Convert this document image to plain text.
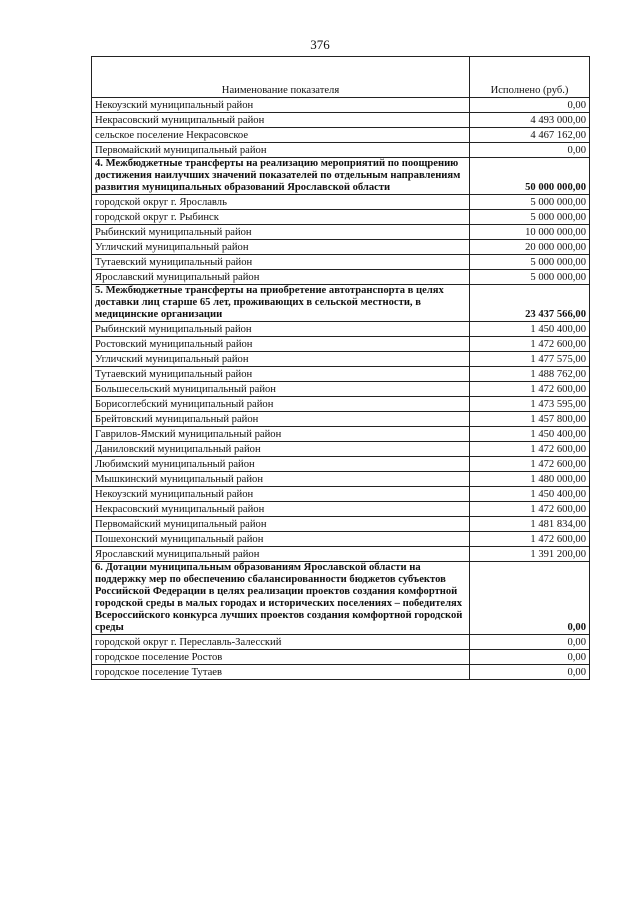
376
Наименование показателя	Исполнено (руб.)
Некоузский муниципальный район	0,00
Некрасовский муниципальный район	4 493 000,00
сельское поселение Некрасовское	4 467 162,00
Первомайский муниципальный район	0,00
4. Межбюджетные трансферты на реализацию мероприятий по поощрению достижения наилучших значений показателей по отдельным направлениям развития муниципальных образований Ярославской области	50 000 000,00
городской округ г. Ярославль	5 000 000,00
городской округ г. Рыбинск	5 000 000,00
Рыбинский муниципальный район	10 000 000,00
Угличский муниципальный район	20 000 000,00
Тутаевский муниципальный район	5 000 000,00
Ярославский муниципальный район	5 000 000,00
5. Межбюджетные трансферты на приобретение автотранспорта в целях доставки лиц старше 65 лет, проживающих в сельской местности, в медицинские организации	23 437 566,00
Рыбинский муниципальный район	1 450 400,00
Ростовский муниципальный район	1 472 600,00
Угличский муниципальный район	1 477 575,00
Тутаевский муниципальный район	1 488 762,00
Большесельский муниципальный район	1 472 600,00
Борисоглебский муниципальный район	1 473 595,00
Брейтовский муниципальный район	1 457 800,00
Гаврилов-Ямский муниципальный район	1 450 400,00
Даниловский муниципальный район	1 472 600,00
Любимский муниципальный район	1 472 600,00
Мышкинский муниципальный район	1 480 000,00
Некоузский муниципальный район	1 450 400,00
Некрасовский муниципальный район	1 472 600,00
Первомайский муниципальный район	1 481 834,00
Пошехонский муниципальный район	1 472 600,00
Ярославский муниципальный район	1 391 200,00
6. Дотации муниципальным образованиям Ярославской области на поддержку мер по обеспечению сбалансированности бюджетов субъектов Российской Федерации в целях реализации проектов создания комфортной городской среды в малых городах и исторических поселениях – победителях Всероссийского конкурса лучших проектов создания комфортной городской среды	0,00
городской округ г. Переславль-Залесский	0,00
городское поселение Ростов	0,00
городское поселение Тутаев	0,00
